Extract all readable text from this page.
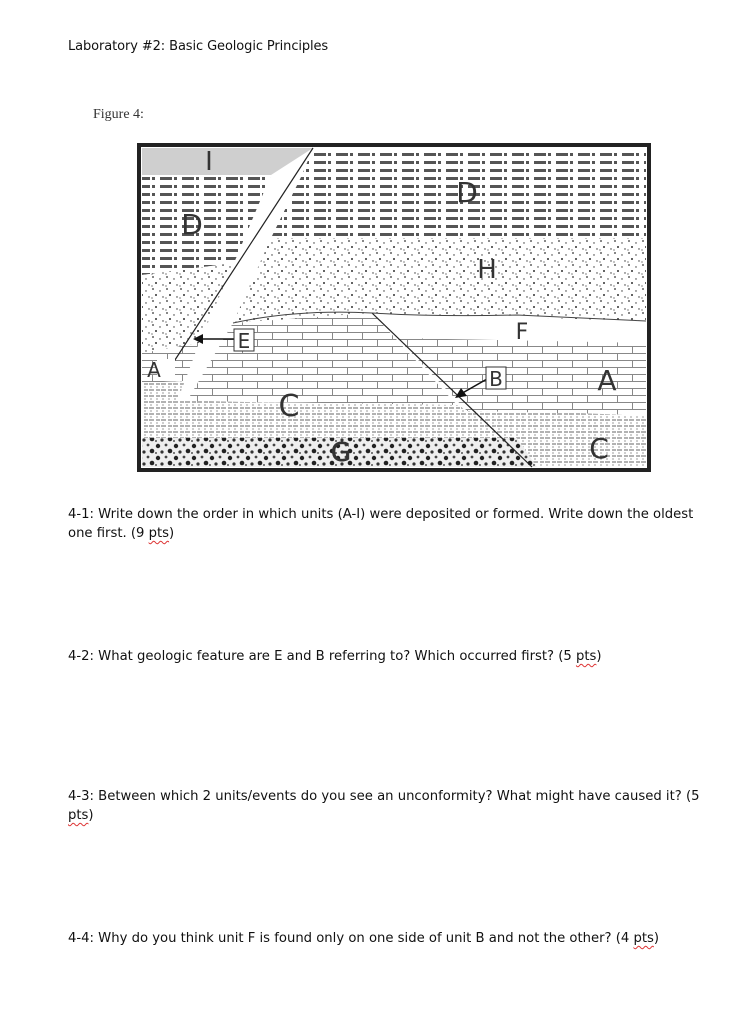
Laboratory #2: Basic Geologic Principles
Figure 4:
I
D
D
H
F
E
A	A
B
C
C
G
4-1: Write down the order in which units (A-I) were deposited or formed. Write down the oldest one first. (9 pts)
4-2: What geologic feature are E and B referring to? Which occurred first? (5 pts)
4-3: Between which 2 units/events do you see an unconformity? What might have caused it? (5 pts)
4-4: Why do you think unit F is found only on one side of unit B and not the other? (4 pts)
